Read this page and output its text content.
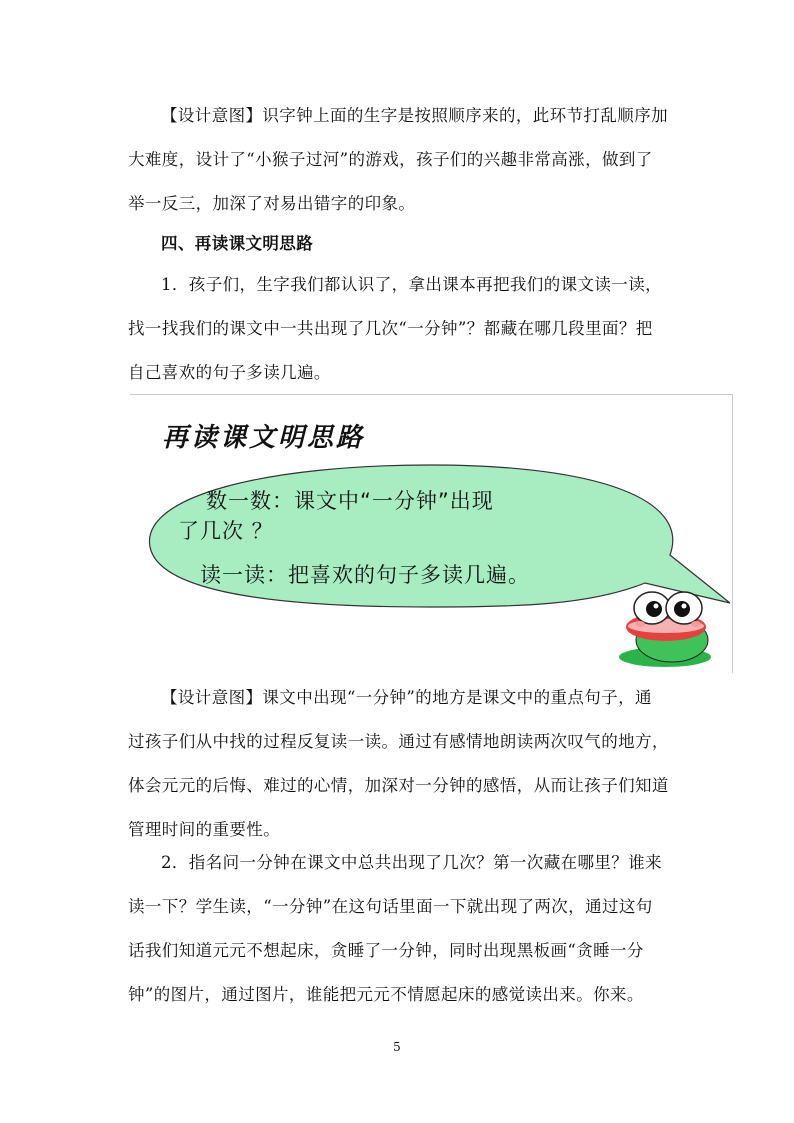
【设计意图】识字钟上面的生字是按照顺序来的，此环节打乱顺序加
大难度，设计了“小猴子过河”的游戏，孩子们的兴趣非常高涨，做到了
举一反三，加深了对易出错字的印象。
四、再读课文明思路
1．孩子们，生字我们都认识了，拿出课本再把我们的课文读一读，
找一找我们的课文中一共出现了几次“一分钟”？都藏在哪几段里面？把
自己喜欢的句子多读几遍。
再读课文明思路
数一数：课文中“一分钟”出现
了几次 ？
读一读：把喜欢的句子多读几遍。
【设计意图】课文中出现“一分钟”的地方是课文中的重点句子，通
过孩子们从中找的过程反复读一读。通过有感情地朗读两次叹气的地方，
体会元元的后悔、难过的心情，加深对一分钟的感悟，从而让孩子们知道
管理时间的重要性。
2．指名问一分钟在课文中总共出现了几次？第一次藏在哪里？谁来
读一下？学生读，“一分钟”在这句话里面一下就出现了两次，通过这句
话我们知道元元不想起床，贪睡了一分钟，同时出现黑板画“贪睡一分
钟”的图片，通过图片，谁能把元元不情愿起床的感觉读出来。你来。
5
